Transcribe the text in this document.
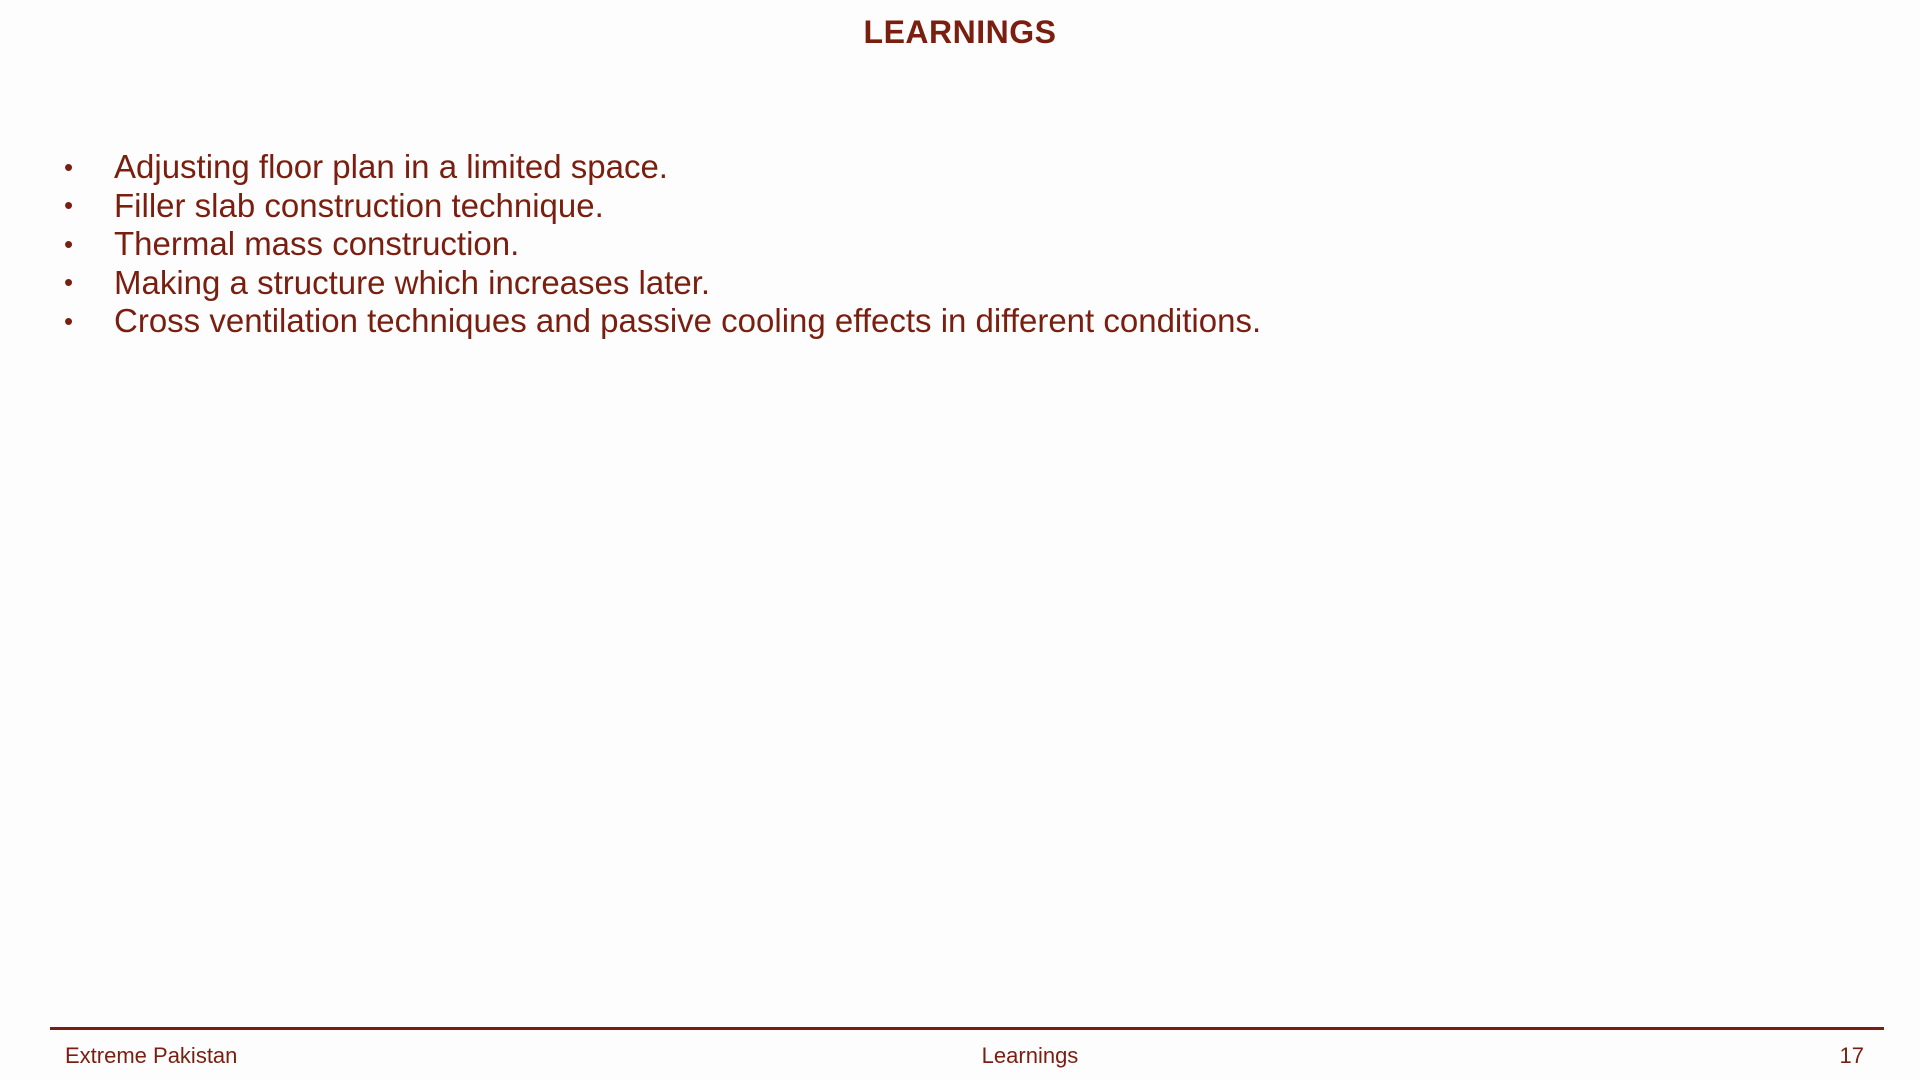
LEARNINGS
•	Adjusting floor plan in a limited space.
•	Filler slab construction technique.
•	Thermal mass construction.
•	Making a structure which increases later.
•	Cross ventilation techniques and passive cooling effects in different conditions.
Extreme Pakistan	Learnings	17
